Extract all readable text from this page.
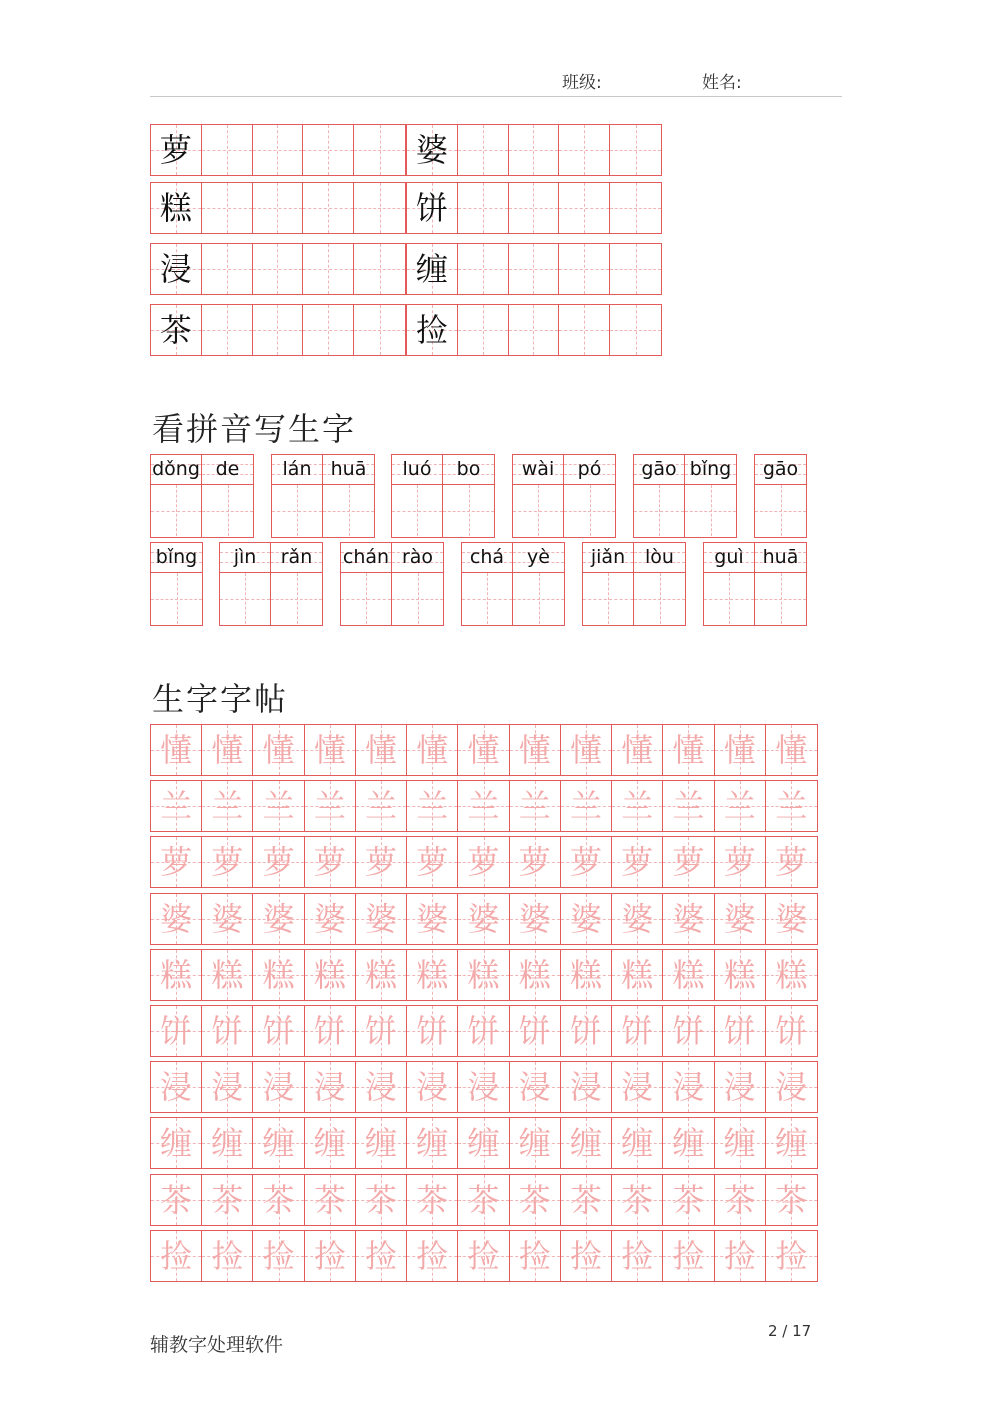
班级:	姓名:
萝	婆
糕	饼
浸	缠
茶	捡
看拼音写生字
dǒng de	lán	huā	luó	bo	wài	pó	gāo bǐng	gāo
bǐng	jìn	rǎn	chán rào	chá	yè	jiǎn	lòu	guì huā
生字字帖
懂 懂 懂 懂 懂 懂 懂 懂 懂 懂 懂 懂 懂
兰 兰 兰 兰 兰 兰 兰 兰 兰 兰 兰 兰 兰
萝 萝 萝 萝 萝 萝 萝 萝 萝 萝 萝 萝 萝
婆 婆 婆 婆 婆 婆 婆 婆 婆 婆 婆 婆 婆
糕 糕 糕 糕 糕 糕 糕 糕 糕 糕 糕 糕 糕
饼 饼 饼 饼 饼 饼 饼 饼 饼 饼 饼 饼 饼
浸 浸 浸 浸 浸 浸 浸 浸 浸 浸 浸 浸 浸
缠 缠 缠 缠 缠 缠 缠 缠 缠 缠 缠 缠 缠
茶 茶 茶 茶 茶 茶 茶 茶 茶 茶 茶 茶 茶
捡 捡 捡 捡 捡 捡 捡 捡 捡 捡 捡 捡 捡
辅教字处理软件
2 / 17
